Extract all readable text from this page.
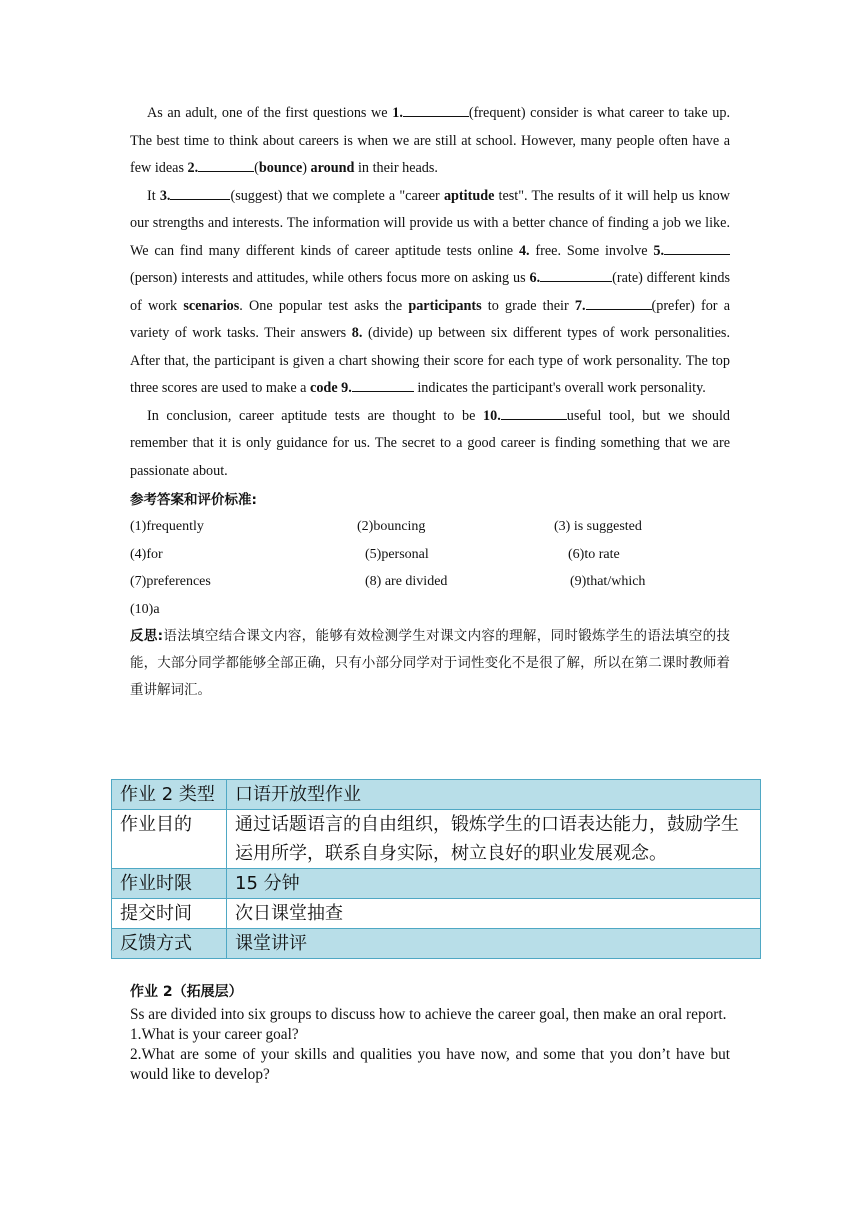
As an adult, one of the first questions we 1.	(frequent) consider is what career to take up. The best time to think about careers is when we are still at school. However, many people often have a few ideas 2.	(bounce) around in their heads.

It 3.	(suggest) that we complete a "career aptitude test". The results of it will help us know our strengths and interests. The information will provide us with a better chance of finding a job we like. We can find many different kinds of career aptitude tests online 4. free. Some involve 5.(person) interests and attitudes, while others focus more on asking us 6.	(rate) different kinds of work scenarios. One popular test asks the participants to grade their 7.	(prefer) for a variety of work tasks. Their answers 8. (divide) up between six different types of work personalities. After that, the participant is given a chart showing their score for each type of work personality. The top three scores are used to make a code 9.	indicates the participant's overall work personality.

In conclusion, career aptitude tests are thought to be 10.	useful tool, but we should remember that it is only guidance for us. The secret to a good career is finding something that we are passionate about.

参考答案和评价标准:
(1)frequently	(2)bouncing	(3) is suggested
(4)for	(5)personal	(6)to rate
(7)preferences	(8) are divided	(9)that/which
(10)a

反思:语法填空结合课文内容，能够有效检测学生对课文内容的理解，同时锻炼学生的语法填空的技能，大部分同学都能够全部正确，只有小部分同学对于词性变化不是很了解，所以在第二课时教师着重讲解词汇。

作业 2 类型	口语开放型作业
作业目的	通过话题语言的自由组织，锻炼学生的口语表达能力，鼓励学生运用所学，联系自身实际，树立良好的职业发展观念。
作业时限	15 分钟
提交时间	次日课堂抽查
反馈方式	课堂讲评
作业 2（拓展层）

Ss are divided into six groups to discuss how to achieve the career goal, then make an oral report.

1.What is your career goal?

2.What are some of your skills and qualities you have now, and some that you don’t have but would like to develop?
